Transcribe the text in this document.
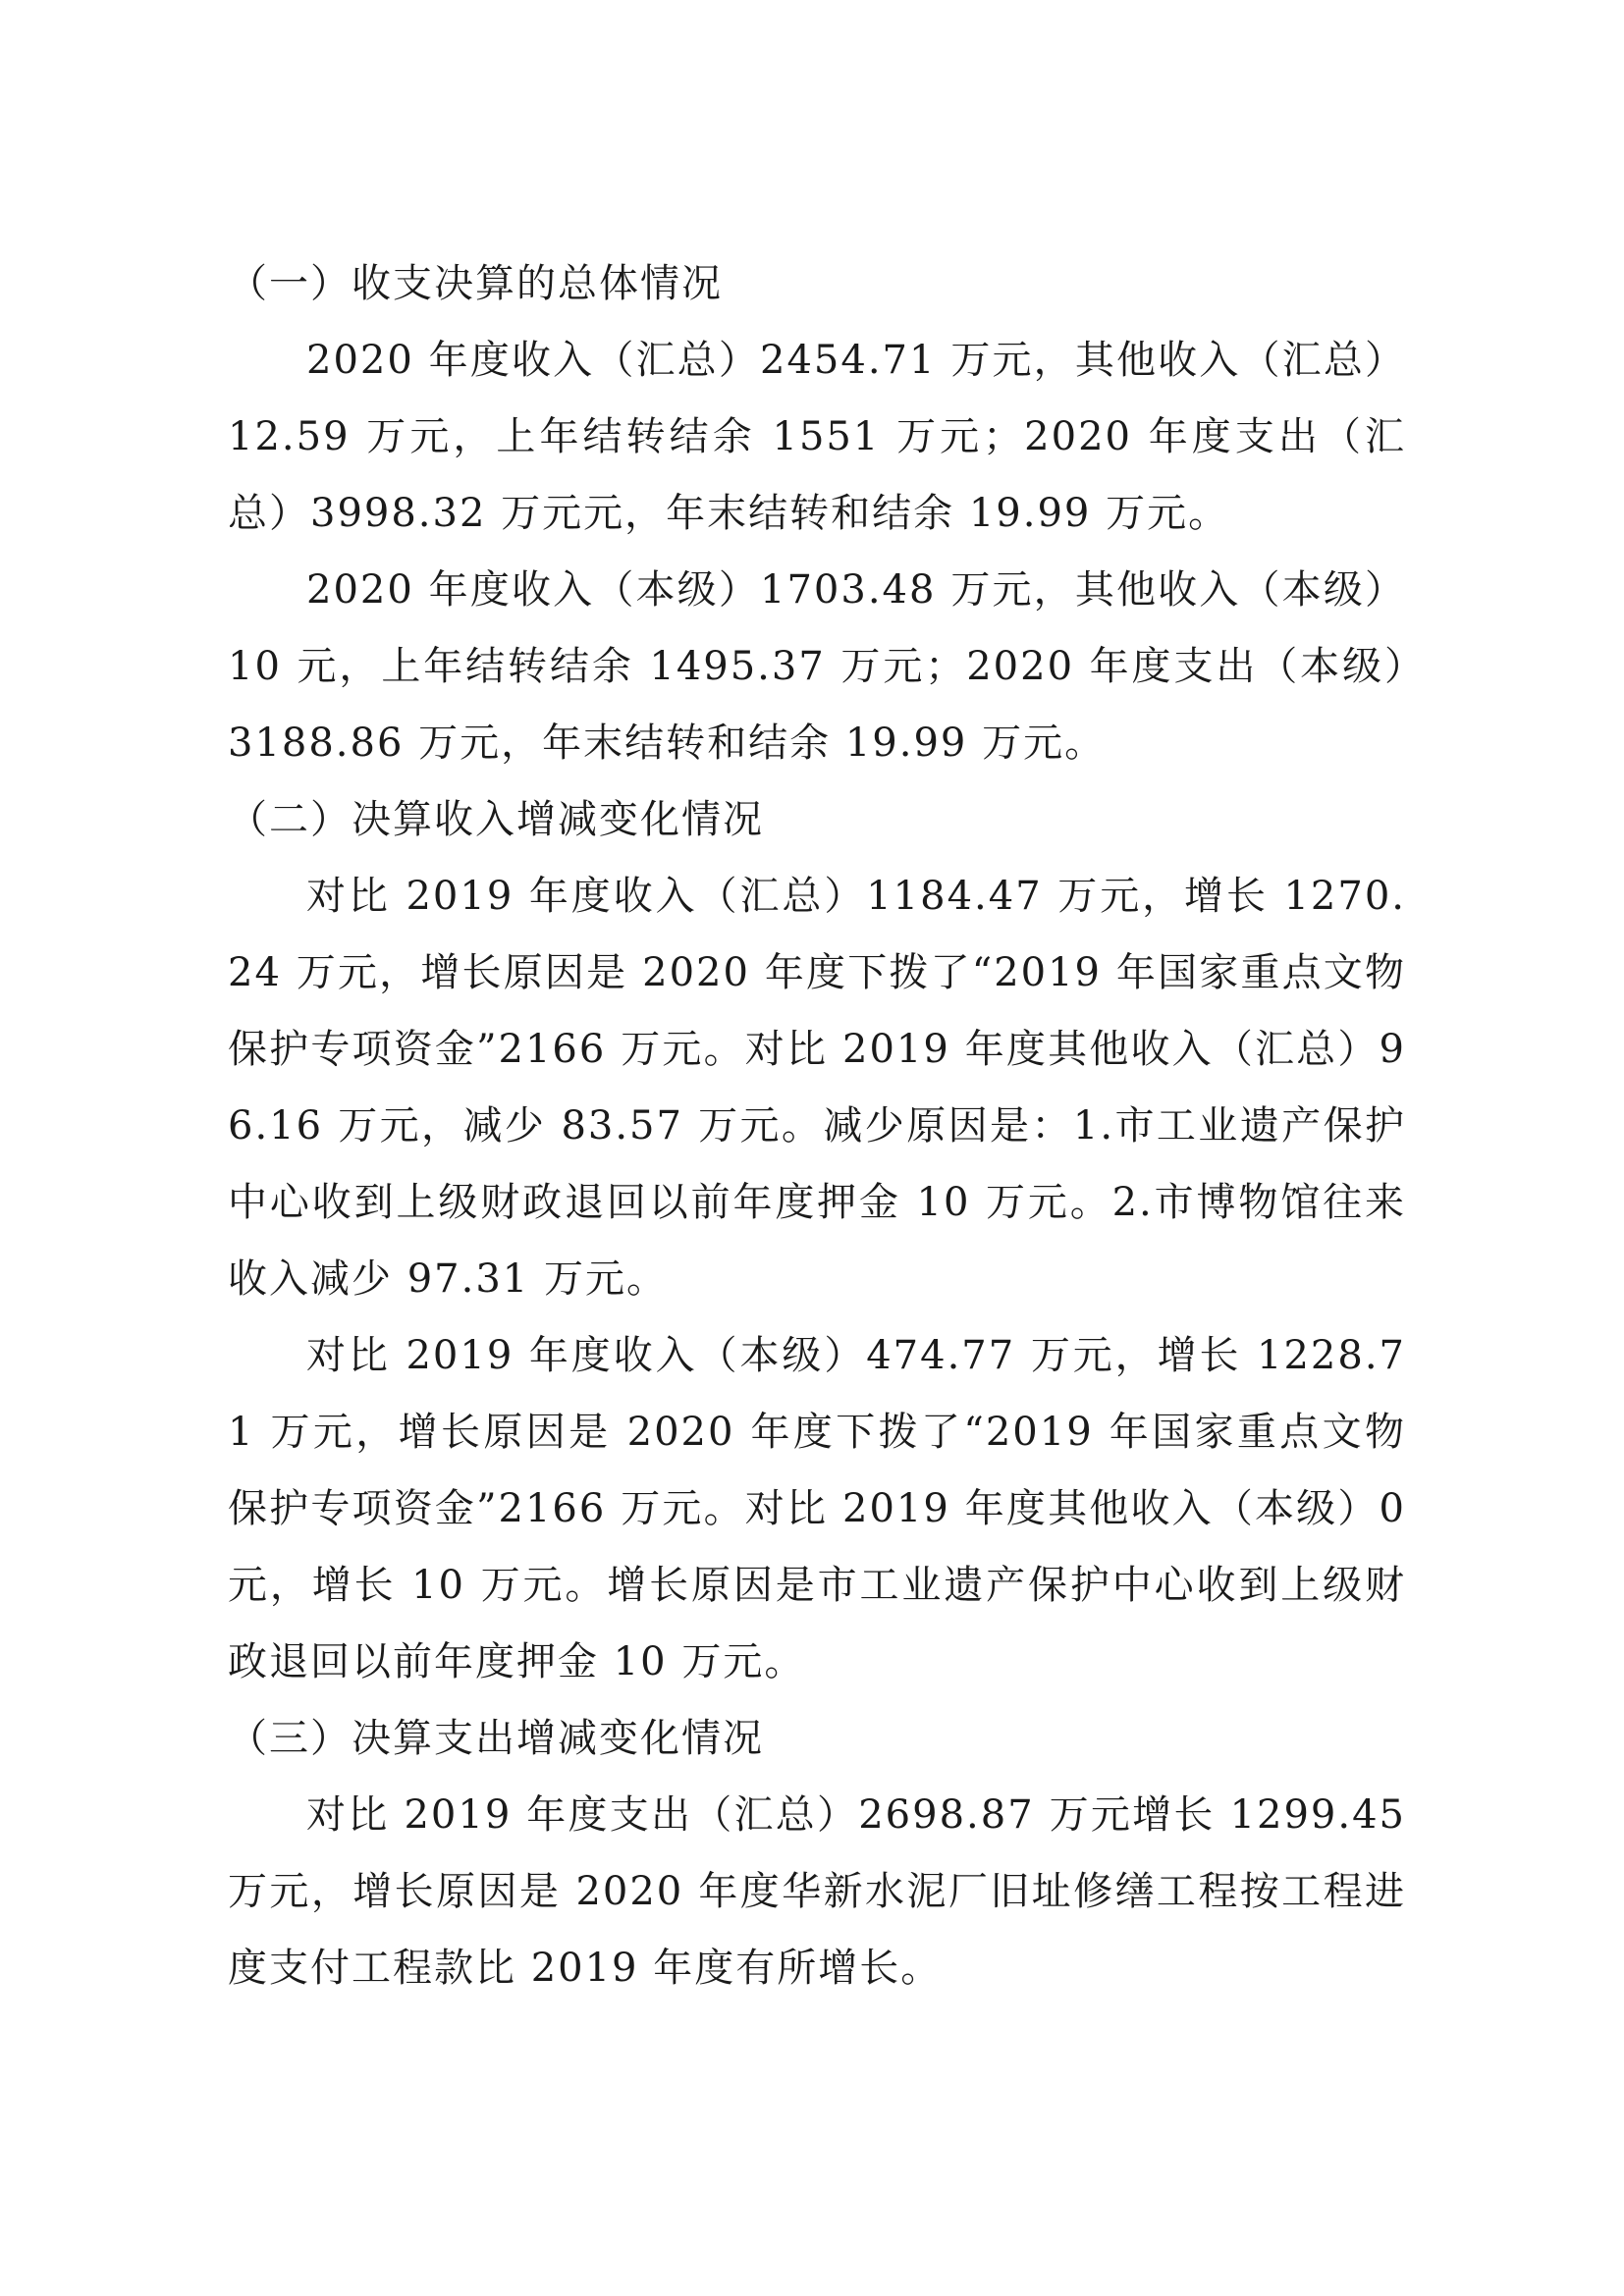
（一）收支决算的总体情况

2020 年度收入（汇总）2454.71 万元，其他收入（汇总）12.59 万元，上年结转结余 1551 万元；2020 年度支出（汇总）3998.32 万元元，年末结转和结余 19.99 万元。

2020 年度收入（本级）1703.48 万元，其他收入（本级）10 元，上年结转结余 1495.37 万元；2020 年度支出（本级）3188.86 万元，年末结转和结余 19.99 万元。

（二）决算收入增减变化情况

对比 2019 年度收入（汇总）1184.47 万元，增长 1270.24 万元，增长原因是 2020 年度下拨了“2019 年国家重点文物保护专项资金”2166 万元。对比 2019 年度其他收入（汇总）96.16 万元，减少 83.57 万元。减少原因是：1.市工业遗产保护中心收到上级财政退回以前年度押金 10 万元。2.市博物馆往来收入减少 97.31 万元。

对比 2019 年度收入（本级）474.77 万元，增长 1228.71 万元，增长原因是 2020 年度下拨了“2019 年国家重点文物保护专项资金”2166 万元。对比 2019 年度其他收入（本级）0 元，增长 10 万元。增长原因是市工业遗产保护中心收到上级财政退回以前年度押金 10 万元。

（三）决算支出增减变化情况

对比 2019 年度支出（汇总）2698.87 万元增长 1299.45 万元，增长原因是 2020 年度华新水泥厂旧址修缮工程按工程进度支付工程款比 2019 年度有所增长。
